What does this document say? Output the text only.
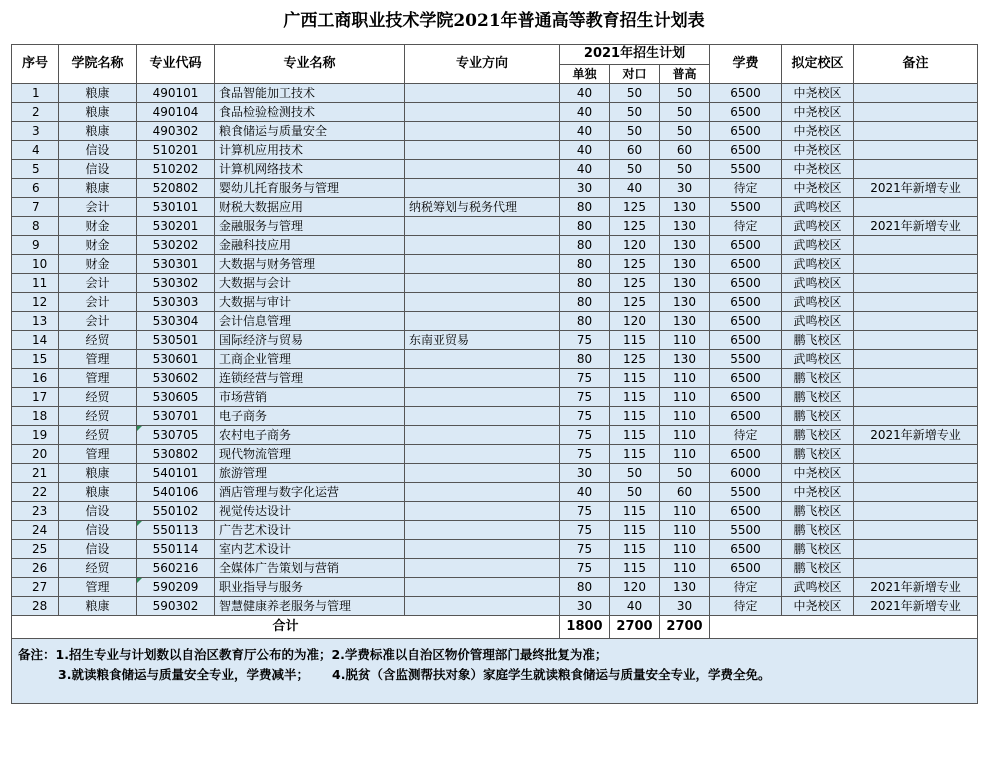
广西工商职业技术学院2021年普通高等教育招生计划表
序号	学院名称	专业代码	专业名称	专业方向	2021年招生计划			学费	拟定校区	备注
					单独	对口	普高			
1	粮康	490101	食品智能加工技术		40	50	50	6500	中尧校区	
2	粮康	490104	食品检验检测技术		40	50	50	6500	中尧校区	
3	粮康	490302	粮食储运与质量安全		40	50	50	6500	中尧校区	
4	信设	510201	计算机应用技术		40	60	60	6500	中尧校区	
5	信设	510202	计算机网络技术		40	50	50	5500	中尧校区	
6	粮康	520802	婴幼儿托育服务与管理		30	40	30	待定	中尧校区	2021年新增专业
7	会计	530101	财税大数据应用	纳税筹划与税务代理	80	125	130	5500	武鸣校区	
8	财金	530201	金融服务与管理		80	125	130	待定	武鸣校区	2021年新增专业
9	财金	530202	金融科技应用		80	120	130	6500	武鸣校区	
10	财金	530301	大数据与财务管理		80	125	130	6500	武鸣校区	
11	会计	530302	大数据与会计		80	125	130	6500	武鸣校区	
12	会计	530303	大数据与审计		80	125	130	6500	武鸣校区	
13	会计	530304	会计信息管理		80	120	130	6500	武鸣校区	
14	经贸	530501	国际经济与贸易	东南亚贸易	75	115	110	6500	鹏飞校区	
15	管理	530601	工商企业管理		80	125	130	5500	武鸣校区	
16	管理	530602	连锁经营与管理		75	115	110	6500	鹏飞校区	
17	经贸	530605	市场营销		75	115	110	6500	鹏飞校区	
18	经贸	530701	电子商务		75	115	110	6500	鹏飞校区	
19	经贸	530705	农村电子商务		75	115	110	待定	鹏飞校区	2021年新增专业
20	管理	530802	现代物流管理		75	115	110	6500	鹏飞校区	
21	粮康	540101	旅游管理		30	50	50	6000	中尧校区	
22	粮康	540106	酒店管理与数字化运营		40	50	60	5500	中尧校区	
23	信设	550102	视觉传达设计		75	115	110	6500	鹏飞校区	
24	信设	550113	广告艺术设计		75	115	110	5500	鹏飞校区	
25	信设	550114	室内艺术设计		75	115	110	6500	鹏飞校区	
26	经贸	560216	全媒体广告策划与营销		75	115	110	6500	鹏飞校区	
27	管理	590209	职业指导与服务		80	120	130	待定	武鸣校区	2021年新增专业
28	粮康	590302	智慧健康养老服务与管理		30	40	30	待定	中尧校区	2021年新增专业
合计					1800	2700	2700			
备注：1.招生专业与计划数以自治区教育厅公布的为准；2.学费标准以自治区物价管理部门最终批复为准；
3.就读粮食储运与质量安全专业，学费减半；　　 4.脱贫（含监测帮扶对象）家庭学生就读粮食储运与质量安全专业，学费全免。										
